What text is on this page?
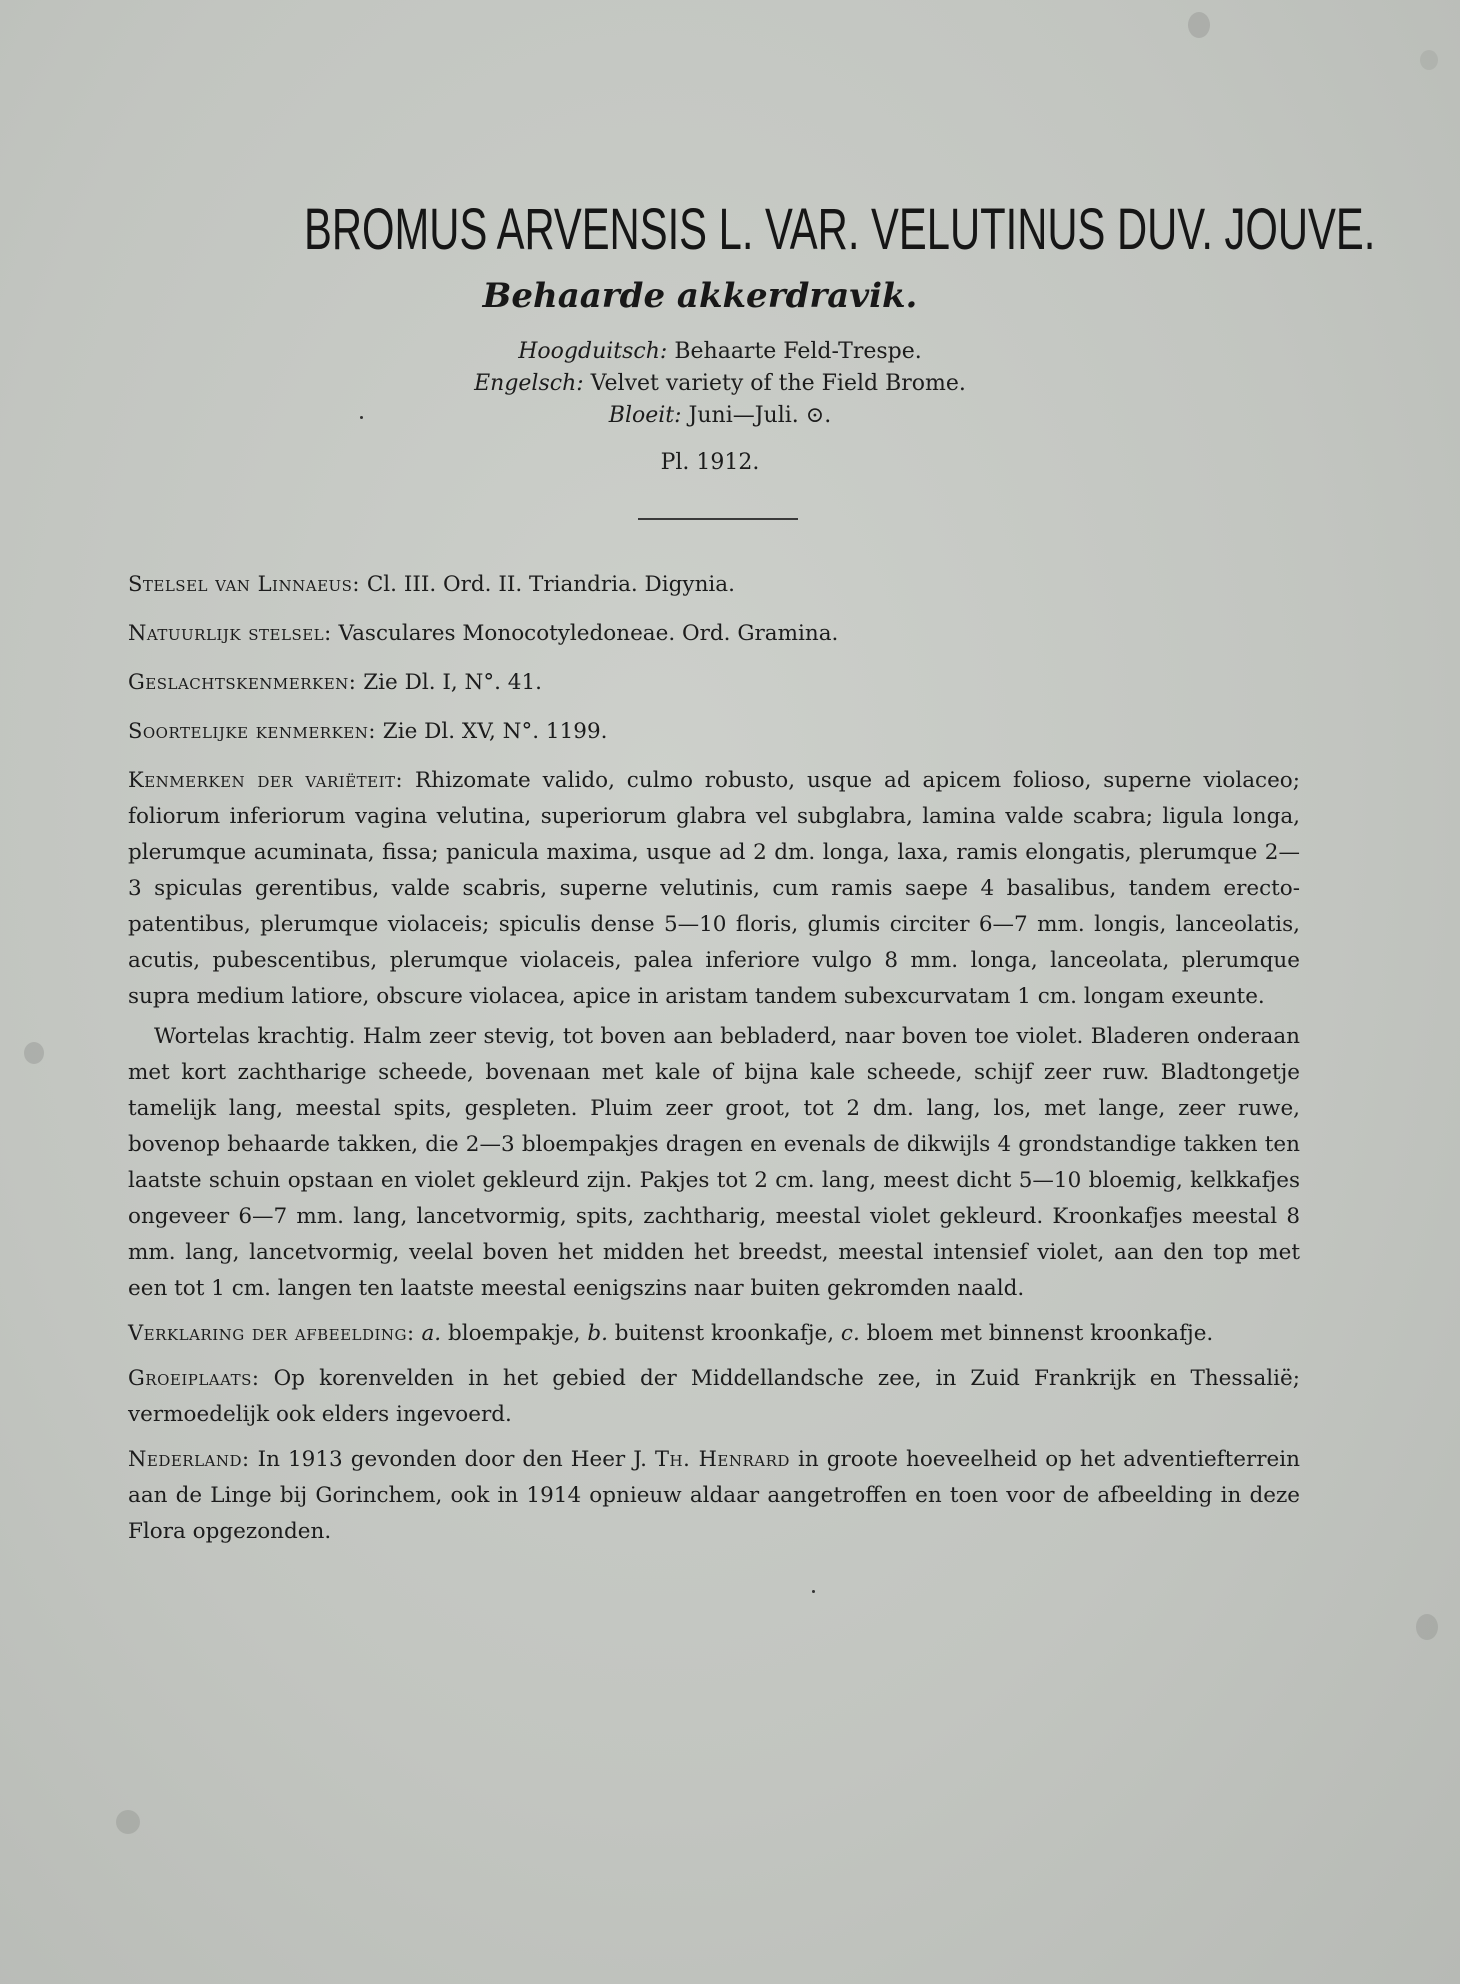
BROMUS ARVENSIS L. VAR. VELUTINUS DUV. JOUVE.
Behaarde akkerdravik.
Hoogduitsch: Behaarte Feld-Trespe.
Engelsch: Velvet variety of the Field Brome.
Bloeit: Juni—Juli. ⊙.
Pl. 1912.

Stelsel van Linnaeus: Cl. III. Ord. II. Triandria. Digynia.

Natuurlijk stelsel: Vasculares Monocotyledoneae. Ord. Gramina.

Geslachtskenmerken: Zie Dl. I, N°. 41.

Soortelijke kenmerken: Zie Dl. XV, N°. 1199.

Kenmerken der variëteit: Rhizomate valido, culmo robusto, usque ad apicem folioso, superne violaceo; foliorum inferiorum vagina velutina, superiorum glabra vel subglabra, lamina valde scabra; ligula longa, plerumque acuminata, fissa; panicula maxima, usque ad 2 dm. longa, laxa, ramis elongatis, plerumque 2—3 spiculas gerentibus, valde scabris, superne velutinis, cum ramis saepe 4 basalibus, tandem erecto-patentibus, plerumque violaceis; spiculis dense 5—10 floris, glumis circiter 6—7 mm. longis, lanceolatis, acutis, pubescentibus, plerumque violaceis, palea inferiore vulgo 8 mm. longa, lanceolata, plerumque supra medium latiore, obscure violacea, apice in aristam tandem subexcurvatam 1 cm. longam exeunte.

Wortelas krachtig. Halm zeer stevig, tot boven aan bebladerd, naar boven toe violet. Bladeren onderaan met kort zachtharige scheede, bovenaan met kale of bijna kale scheede, schijf zeer ruw. Bladtongetje tamelijk lang, meestal spits, gespleten. Pluim zeer groot, tot 2 dm. lang, los, met lange, zeer ruwe, bovenop behaarde takken, die 2—3 bloempakjes dragen en evenals de dikwijls 4 grondstandige takken ten laatste schuin opstaan en violet gekleurd zijn. Pakjes tot 2 cm. lang, meest dicht 5—10 bloemig, kelkkafjes ongeveer 6—7 mm. lang, lancetvormig, spits, zachtharig, meestal violet gekleurd. Kroonkafjes meestal 8 mm. lang, lancetvormig, veelal boven het midden het breedst, meestal intensief violet, aan den top met een tot 1 cm. langen ten laatste meestal eenigszins naar buiten gekromden naald.

Verklaring der afbeelding: a. bloempakje, b. buitenst kroonkafje, c. bloem met binnenst kroonkafje.

Groeiplaats: Op korenvelden in het gebied der Middellandsche zee, in Zuid Frankrijk en Thessalië; vermoedelijk ook elders ingevoerd.

Nederland: In 1913 gevonden door den Heer J. Th. Henrard in groote hoeveelheid op het adventiefterrein aan de Linge bij Gorinchem, ook in 1914 opnieuw aldaar aangetroffen en toen voor de afbeelding in deze Flora opgezonden.
